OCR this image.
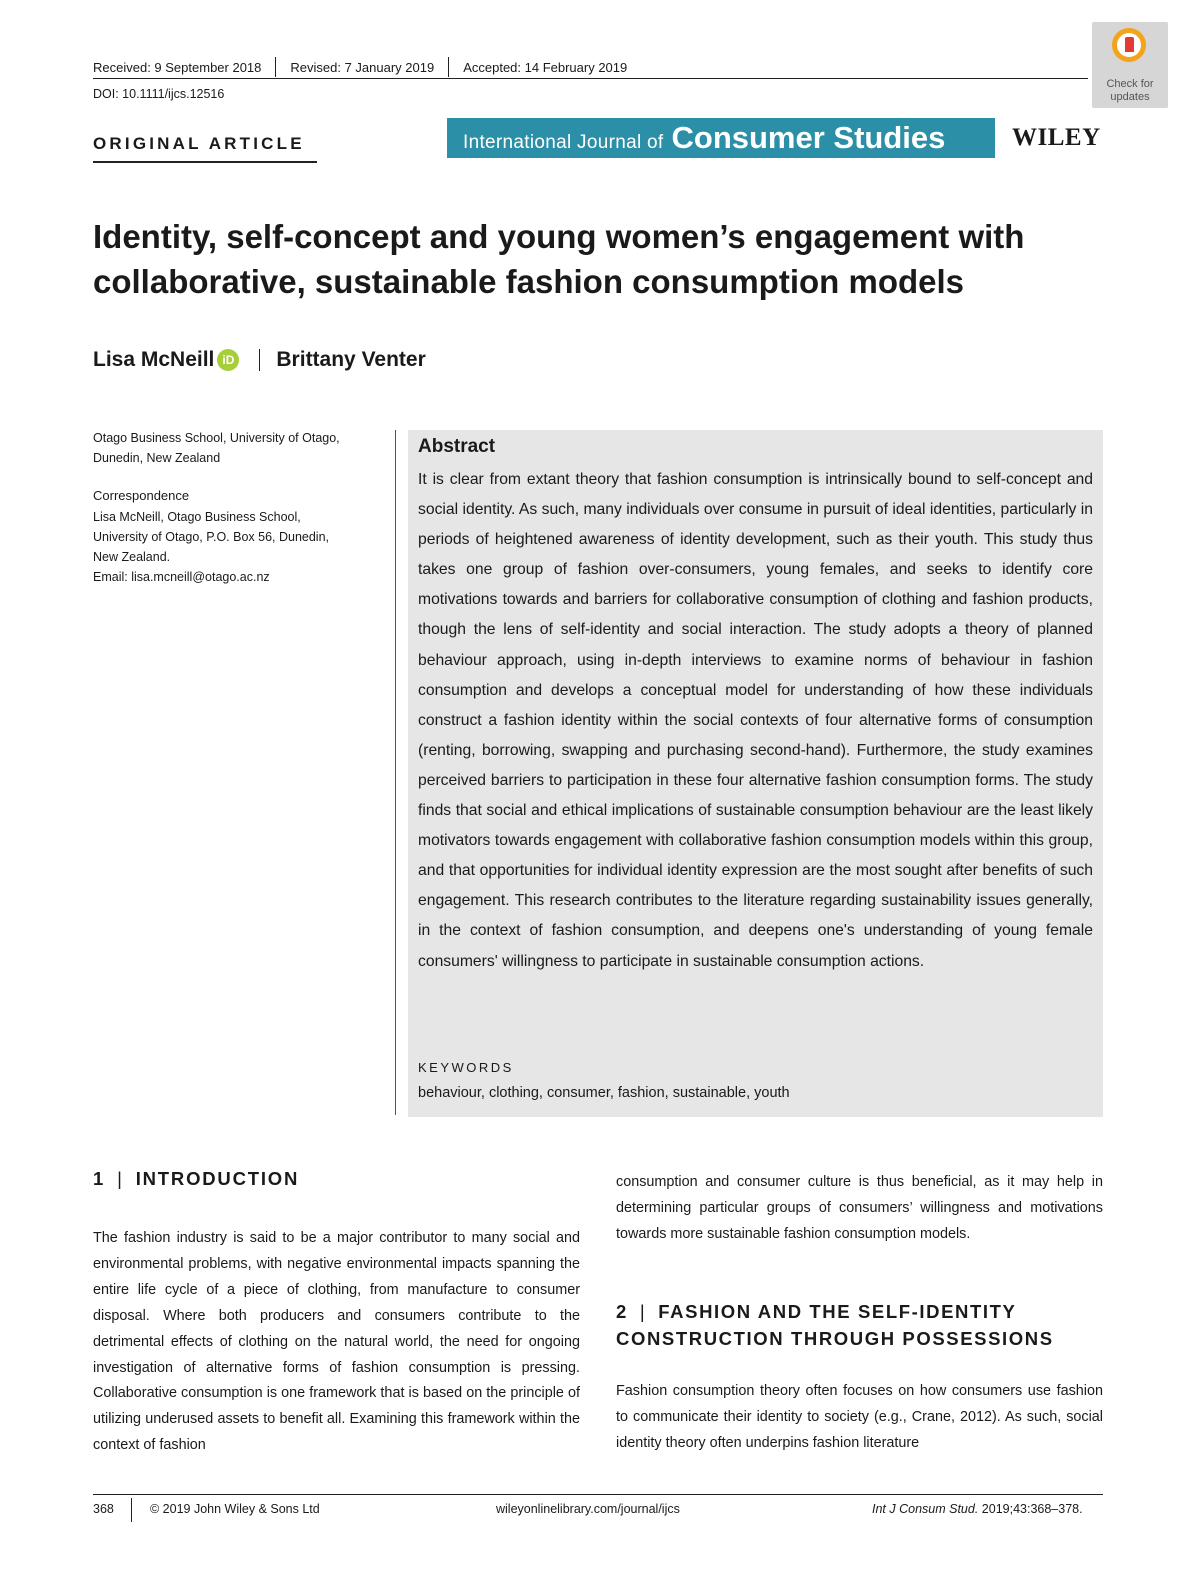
Received: 9 September 2018 Revised: 7 January 2019 Accepted: 14 February 2019
DOI: 10.1111/ijcs.12516
Check for
updates
ORIGINAL ARTICLE	International Journal of Consumer Studies	WILEY
Identity, self-concept and young women’s engagement with collaborative, sustainable fashion consumption models
Lisa McNeill iD Brittany Venter
Otago Business School, University of Otago,
Dunedin, New Zealand
Correspondence
Lisa McNeill, Otago Business School,
University of Otago, P.O. Box 56, Dunedin,
New Zealand.
Email: lisa.mcneill@otago.ac.nz
Abstract
It is clear from extant theory that fashion consumption is intrinsically bound to self-concept and social identity. As such, many individuals over consume in pursuit of ideal identities, particularly in periods of heightened awareness of identity development, such as their youth. This study thus takes one group of fashion over-consumers, young females, and seeks to identify core motivations towards and barriers for collaborative consumption of clothing and fashion products, though the lens of self-identity and social interaction. The study adopts a theory of planned behaviour approach, using in-depth interviews to examine norms of behaviour in fashion consumption and develops a conceptual model for understanding of how these individuals construct a fashion identity within the social contexts of four alternative forms of consumption (renting, borrowing, swapping and purchasing second-hand). Furthermore, the study examines perceived barriers to participation in these four alternative fashion consumption forms. The study finds that social and ethical implications of sustainable consumption behaviour are the least likely motivators towards engagement with collaborative fashion consumption models within this group, and that opportunities for individual identity expression are the most sought after benefits of such engagement. This research contributes to the literature regarding sustainability issues generally, in the context of fashion consumption, and deepens one's understanding of young female consumers' willingness to participate in sustainable consumption actions.
KEYWORDS
behaviour, clothing, consumer, fashion, sustainable, youth
1 | INTRODUCTION
The fashion industry is said to be a major contributor to many social and environmental problems, with negative environmental impacts spanning the entire life cycle of a piece of clothing, from manufacture to consumer disposal. Where both producers and consumers contribute to the detrimental effects of clothing on the natural world, the need for ongoing investigation of alternative forms of fashion consumption is pressing. Collaborative consumption is one framework that is based on the principle of utilizing underused assets to benefit all. Examining this framework within the context of fashion
consumption and consumer culture is thus beneficial, as it may help in determining particular groups of consumers’ willingness and motivations towards more sustainable fashion consumption models.
2 | FASHION AND THE SELF-IDENTITY CONSTRUCTION THROUGH POSSESSIONS
Fashion consumption theory often focuses on how consumers use fashion to communicate their identity to society (e.g., Crane, 2012). As such, social identity theory often underpins fashion literature
368	© 2019 John Wiley & Sons Ltd	wileyonlinelibrary.com/journal/ijcs	Int J Consum Stud. 2019;43:368–378.
